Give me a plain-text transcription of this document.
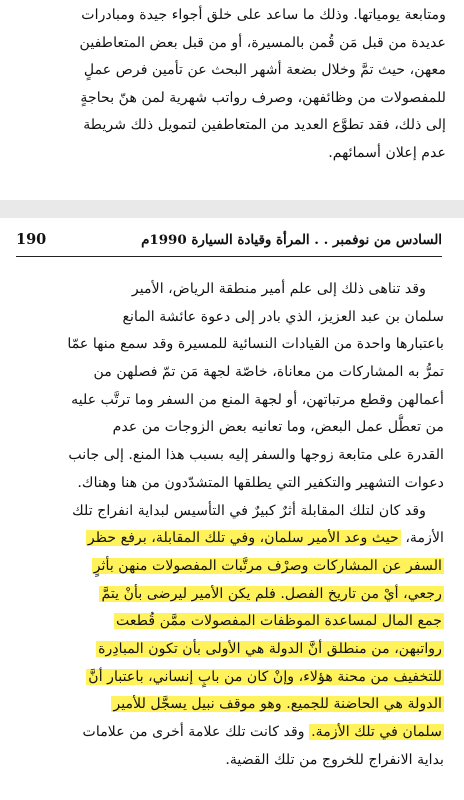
ومتابعة يومياتها. وذلك ما ساعد على خلق أجواء جيدة ومبادرات
عديدة من قبل مَن قُمن بالمسيرة، أو من قبل بعض المتعاطفين
معهن، حيث تمَّ وخلال بضعة أشهر البحث عن تأمين فرص عملٍ
للمفصولات من وظائفهن، وصرف رواتب شهرية لمن هنّ بحاجةٍ
إلى ذلك، فقد تطوَّع العديد من المتعاطفين لتمويل ذلك شريطة
عدم إعلان أسمائهم.
السادس من نوفمبر . . المرأة وقيادة السيارة 1990م
190
وقد تناهى ذلك إلى علم أمير منطقة الرياض، الأمير
سلمان بن عبد العزيز، الذي بادر إلى دعوة عائشة المانع
باعتبارها واحدة من القيادات النسائية للمسيرة وقد سمع منها عمّا
تمرُّ به المشاركات من معاناة، خاصّة لجهة مَن تمّ فصلهن من
أعمالهن وقطع مرتباتهن، أو لجهة المنع من السفر وما ترتَّب عليه
من تعطُّل عمل البعض، وما تعانيه بعض الزوجات من عدم
القدرة على متابعة زوجها والسفر إليه بسبب هذا المنع. إلى جانب
دعوات التشهير والتكفير التي يطلقها المتشدّدون من هنا وهناك.
وقد كان لتلك المقابلة أثرٌ كبيرٌ في التأسيس لبداية انفراج تلك
الأزمة، حيث وعد الأمير سلمان، وفي تلك المقابلة، برفع حظر
السفر عن المشاركات وصرْف مرتَّبات المفصولات منهن بأثرٍ
رجعي، أيْ من تاريخ الفصل. فلم يكن الأمير ليرضى بأنْ يتمَّ
جمع المال لمساعدة الموظفات المفصولات ممَّن قُطعت
رواتبهن، من منطلق أنَّ الدولة هي الأولى بأن تكون المبادِرة
للتخفيف من محنة هؤلاء، وإنْ كان من بابٍ إنساني، باعتبار أنَّ
الدولة هي الحاضنة للجميع. وهو موقف نبيل يسجَّل للأمير
سلمان في تلك الأزمة. وقد كانت تلك علامة أخرى من علامات
بداية الانفراج للخروج من تلك القضية.
